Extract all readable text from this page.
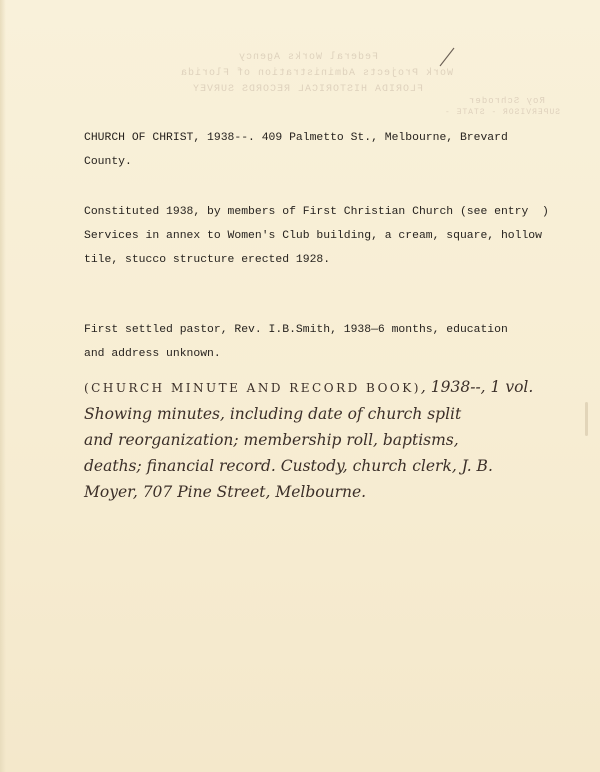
Federal Works Agency
Work Projects Administration of Florida
FLORIDA HISTORICAL RECORDS SURVEY
Roy Schroder
SUPERVISOR - STATE -
CHURCH OF CHRIST, 1938--. 409 Palmetto St., Melbourne, Brevard
County.
Constituted 1938, by members of First Christian Church (see entry  )
Services in annex to Women's Club building, a cream, square, hollow
tile, stucco structure erected 1928.
First settled pastor, Rev. I.B.Smith, 1938—6 months, education
and address unknown.
(CHURCH MINUTE AND RECORD BOOK), 1938--, 1 vol.
Showing minutes, including date of church split
and reorganization; membership roll, baptisms,
deaths; financial record. Custody, church clerk, J. B.
Moyer, 707 Pine Street, Melbourne.
